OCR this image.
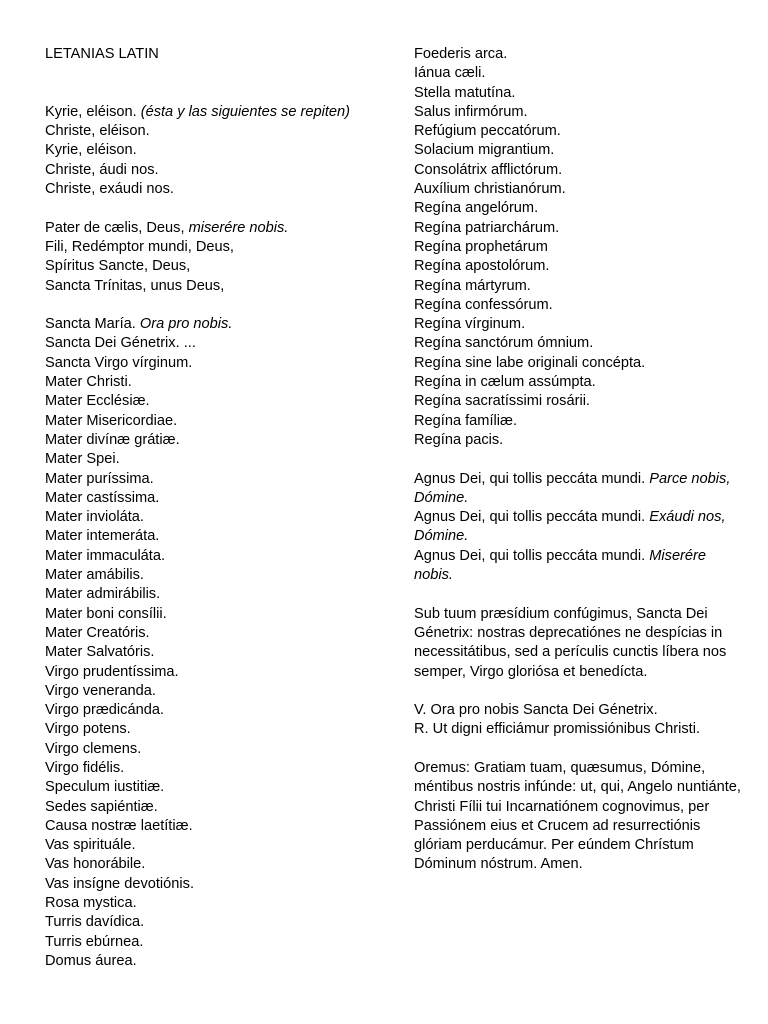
LETANIAS LATIN
Kyrie, eléison. (ésta y las siguientes se repiten)
Christe, eléison.
Kyrie, eléison.
Christe, áudi nos.
Christe, exáudi nos.
Pater de cælis, Deus, miserére nobis.
Fili, Redémptor mundi, Deus,
Spíritus Sancte, Deus,
Sancta Trínitas, unus Deus,
Sancta María. Ora pro nobis.
Sancta Dei Génetrix. ...
Sancta Virgo vírginum.
Mater Christi.
Mater Ecclésiæ.
Mater Misericordiae.
Mater divínæ grátiæ.
Mater Spei.
Mater puríssima.
Mater castíssima.
Mater invioláta.
Mater intemeráta.
Mater immaculáta.
Mater amábilis.
Mater admirábilis.
Mater boni consílii.
Mater Creatóris.
Mater Salvatóris.
Virgo prudentíssima.
Virgo veneranda.
Virgo prædicánda.
Virgo potens.
Virgo clemens.
Virgo fidélis.
Speculum iustitiæ.
Sedes sapiéntiæ.
Causa nostræ laetítiæ.
Vas spirituále.
Vas honorábile.
Vas insígne devotiónis.
Rosa mystica.
Turris davídica.
Turris ebúrnea.
Domus áurea.
Foederis arca.
Iánua cæli.
Stella matutína.
Salus infirmórum.
Refúgium peccatórum.
Solacium migrantium.
Consolátrix afflictórum.
Auxílium christianórum.
Regína angelórum.
Regína patriarchárum.
Regína prophetárum
Regína apostolórum.
Regína mártyrum.
Regína confessórum.
Regína vírginum.
Regína sanctórum ómnium.
Regína sine labe originali concépta.
Regína in cælum assúmpta.
Regína sacratíssimi rosárii.
Regína famíliæ.
Regína pacis.
Agnus Dei, qui tollis peccáta mundi. Parce nobis, Dómine.
Agnus Dei, qui tollis peccáta mundi. Exáudi nos, Dómine.
Agnus Dei, qui tollis peccáta mundi. Miserére nobis.
Sub tuum præsídium confúgimus, Sancta Dei Génetrix: nostras deprecatiónes ne despícias in necessitátibus, sed a perículis cunctis líbera nos semper, Virgo gloriósa et benedícta.
V. Ora pro nobis Sancta Dei Génetrix.
R. Ut digni efficiámur promissiónibus Christi.
Oremus: Gratiam tuam, quæsumus, Dómine, méntibus nostris infúnde: ut, qui, Angelo nuntiánte, Christi Fílii tui Incarnatiónem cognovimus, per Passiónem eius et Crucem ad resurrectiónis glóriam perducámur. Per eúndem Chrístum Dóminum nóstrum. Amen.
